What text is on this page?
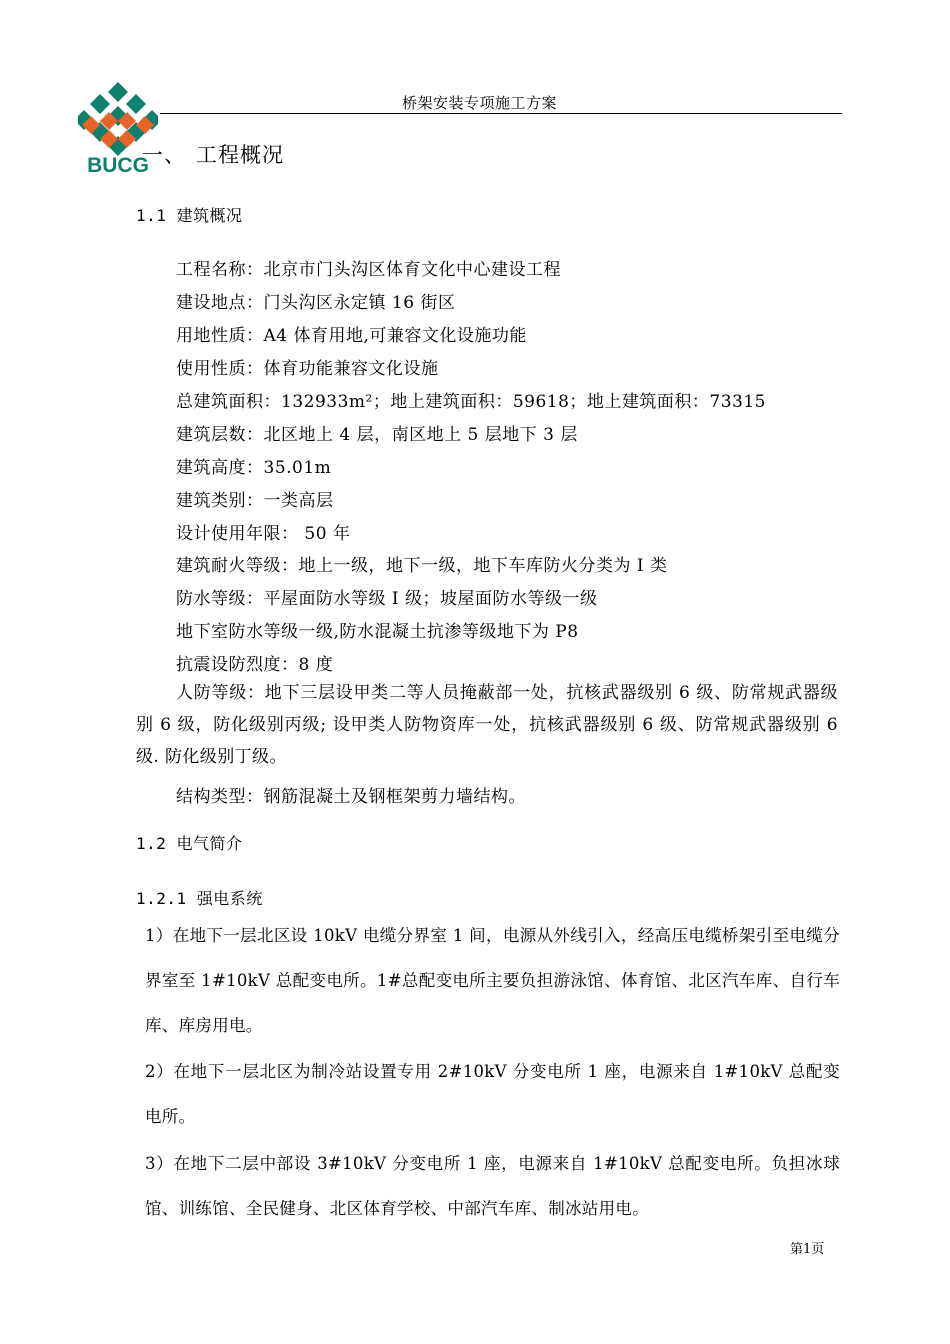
BUCG
桥架安装专项施工方案
一、 工程概况
1.1 建筑概况
工程名称：北京市门头沟区体育文化中心建设工程
建设地点：门头沟区永定镇 16 街区
用地性质：A4 体育用地,可兼容文化设施功能
使用性质：体育功能兼容文化设施
总建筑面积：132933m²；地上建筑面积：59618；地上建筑面积：73315
建筑层数：北区地上 4 层，南区地上 5 层地下 3 层
建筑高度：35.01m
建筑类别：一类高层
设计使用年限： 50 年
建筑耐火等级：地上一级，地下一级，地下车库防火分类为 I 类
防水等级：平屋面防水等级 I 级；坡屋面防水等级一级
地下室防水等级一级,防水混凝土抗渗等级地下为 P8
抗震设防烈度：8 度
人防等级：地下三层设甲类二等人员掩蔽部一处，抗核武器级别 6 级、防常规武器级别 6 级，防化级别丙级; 设甲类人防物资库一处，抗核武器级别 6 级、防常规武器级别 6 级. 防化级别丁级。
结构类型：钢筋混凝土及钢框架剪力墙结构。
1.2 电气简介
1.2.1 强电系统
1）在地下一层北区设 10kV 电缆分界室 1 间，电源从外线引入，经高压电缆桥架引至电缆分界室至 1#10kV 总配变电所。1#总配变电所主要负担游泳馆、体育馆、北区汽车库、自行车库、库房用电。
2）在地下一层北区为制冷站设置专用 2#10kV 分变电所 1 座，电源来自 1#10kV 总配变电所。
3）在地下二层中部设 3#10kV 分变电所 1 座，电源来自 1#10kV 总配变电所。负担冰球馆、训练馆、全民健身、北区体育学校、中部汽车库、制冰站用电。
第1页
